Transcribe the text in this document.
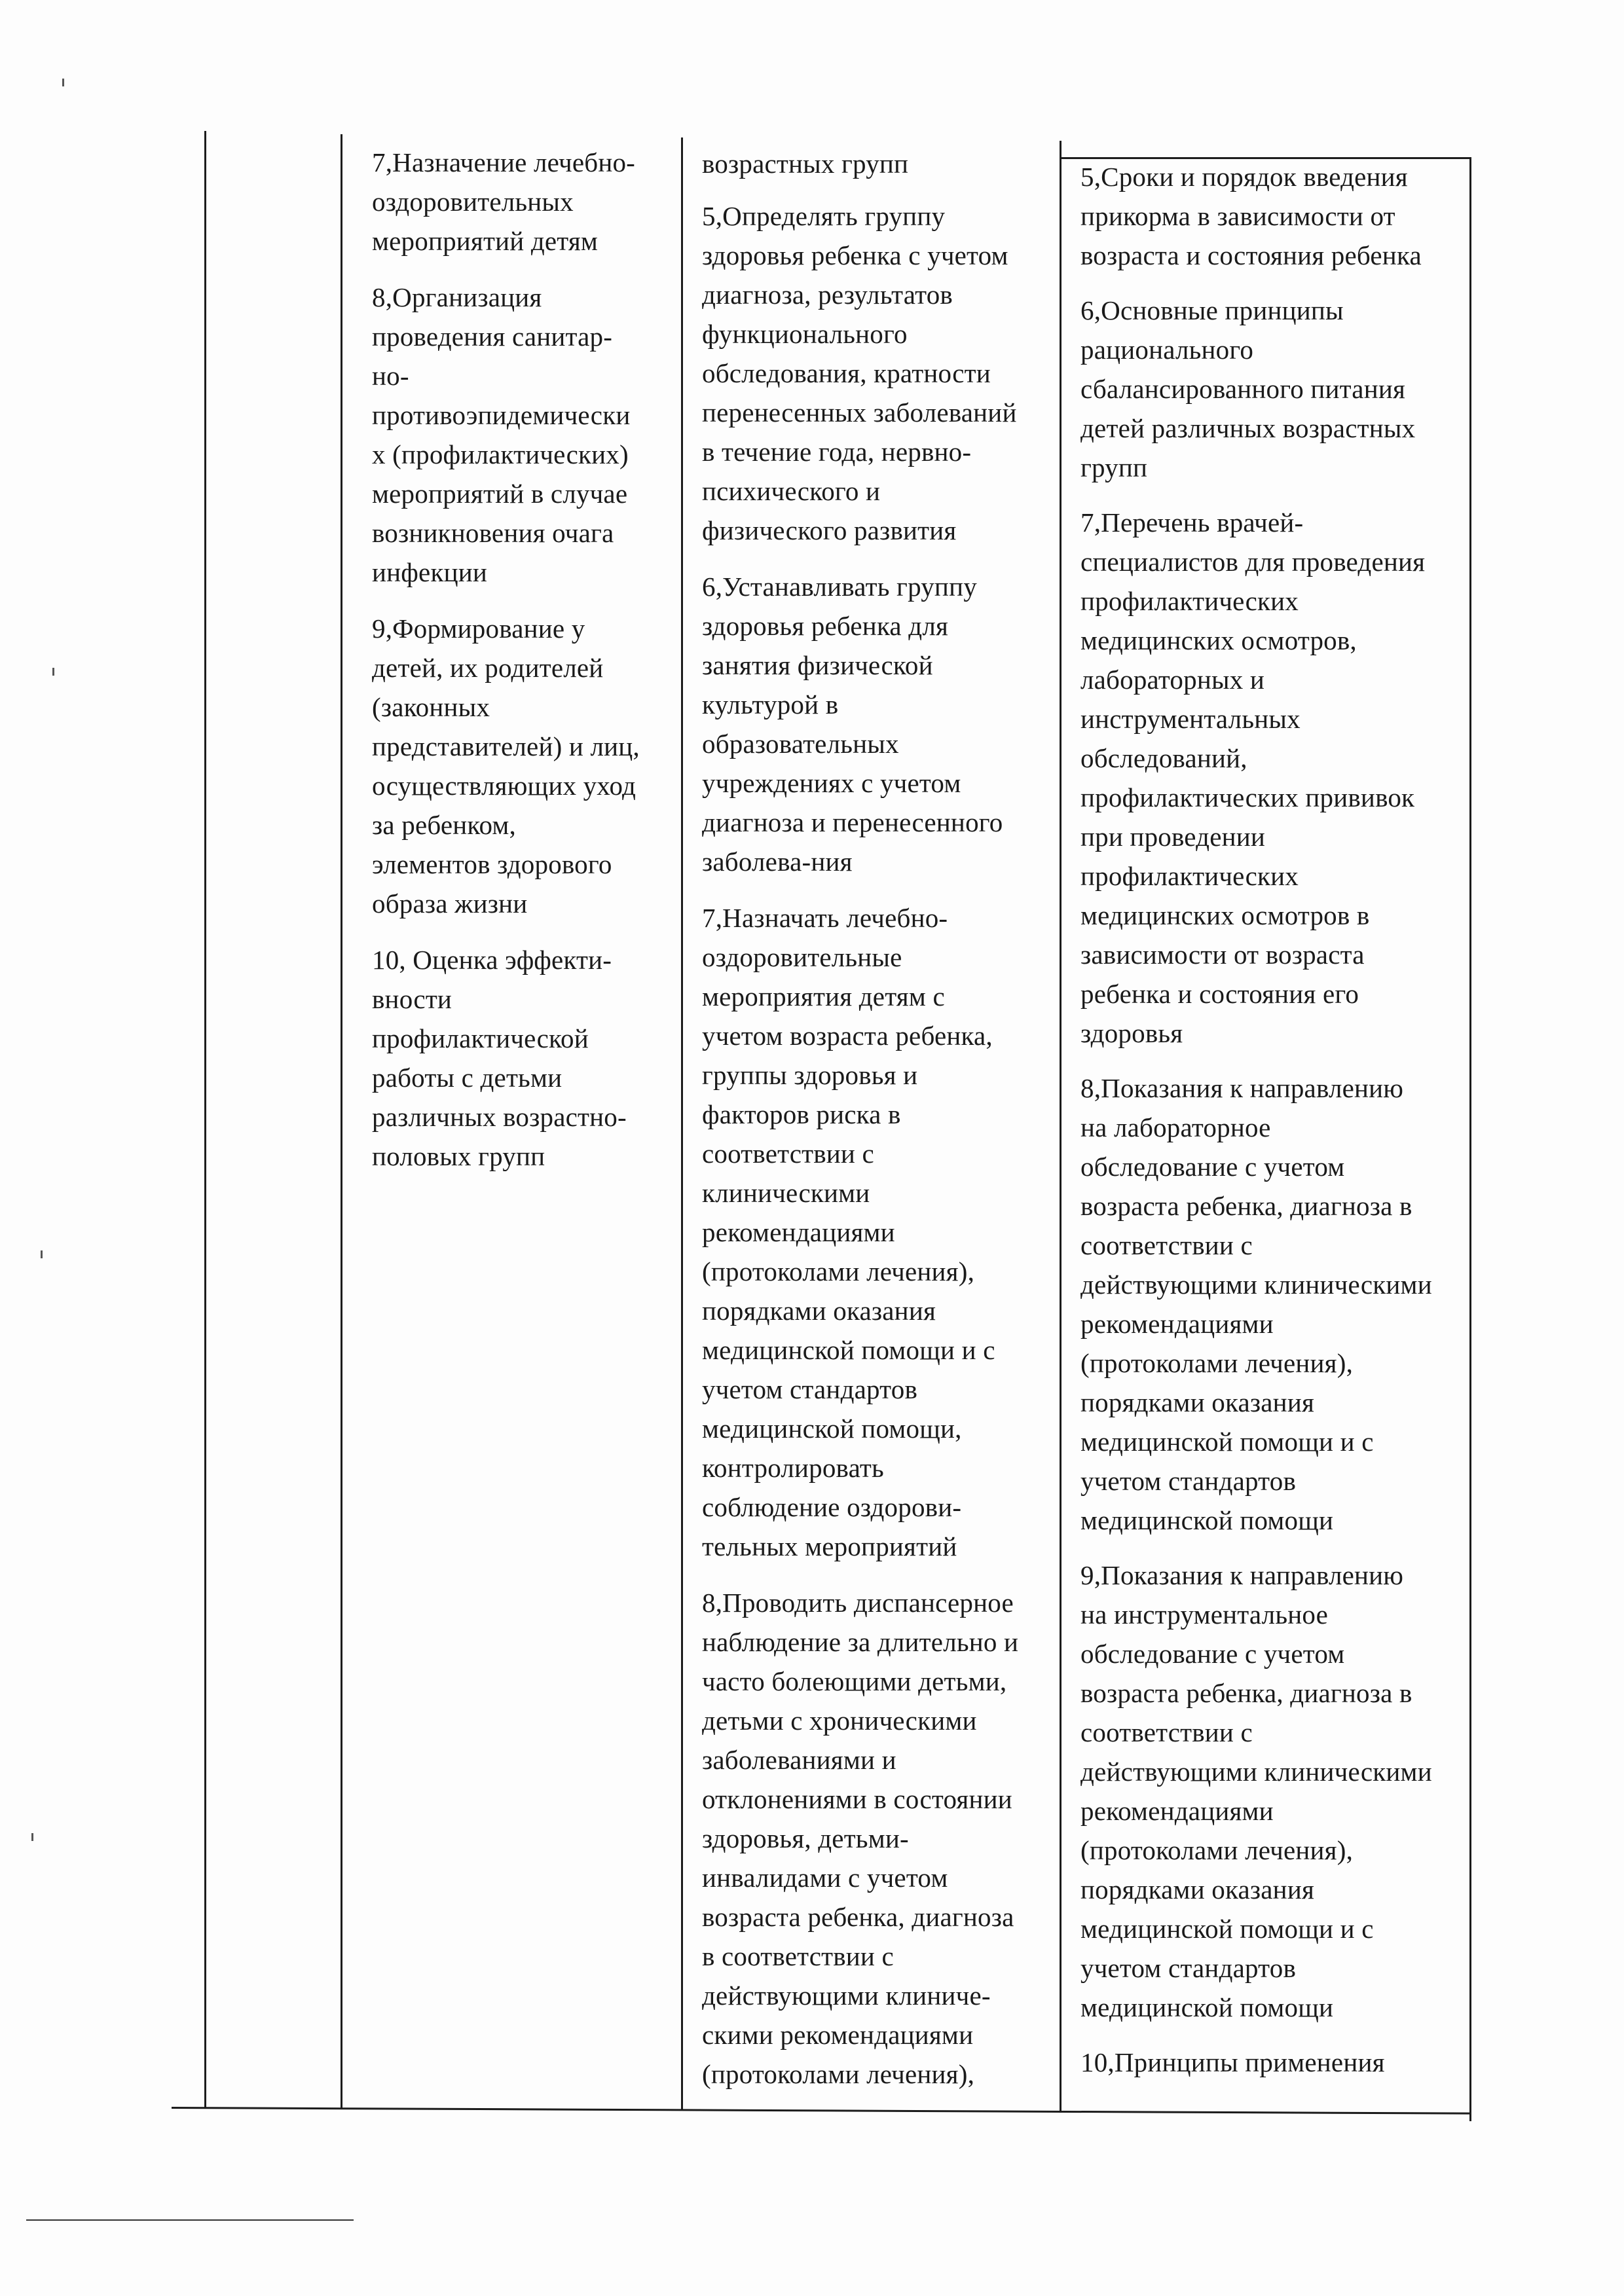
7,Назначение лечебно-
оздоровительных
мероприятий детям

8,Организация
проведения санитар-
но-
противоэпидемически
х (профилактических)
мероприятий в случае
возникновения очага
инфекции

9,Формирование у
детей, их родителей
(законных
представителей) и лиц,
осуществляющих уход
за ребенком,
элементов здорового
образа жизни

10, Оценка эффекти-
вности
профилактической
работы с детьми
различных возрастно-
половых групп

возрастных групп

5,Определять группу
здоровья ребенка с учетом
диагноза, результатов
функционального
обследования, кратности
перенесенных заболеваний
в течение года, нервно-
психического и
физического развития

6,Устанавливать группу
здоровья ребенка для
занятия физической
культурой в
образовательных
учреждениях с учетом
диагноза и перенесенного
заболева-ния

7,Назначать лечебно-
оздоровительные
мероприятия детям с
учетом возраста ребенка,
группы здоровья и
факторов риска в
соответствии с
клиническими
рекомендациями
(протоколами лечения),
порядками оказания
медицинской помощи и с
учетом стандартов
медицинской помощи,
контролировать
соблюдение оздорови-
тельных мероприятий

8,Проводить диспансерное
наблюдение за длительно и
часто болеющими детьми,
детьми с хроническими
заболеваниями и
отклонениями в состоянии
здоровья, детьми-
инвалидами с учетом
возраста ребенка, диагноза
в соответствии с
действующими клиниче-
скими рекомендациями
(протоколами лечения),

5,Сроки и порядок введения
прикорма в зависимости от
возраста и состояния ребенка

6,Основные принципы
рационального
сбалансированного питания
детей различных возрастных
групп

7,Перечень врачей-
специалистов для проведения
профилактических
медицинских осмотров,
лабораторных и
инструментальных
обследований,
профилактических прививок
при проведении
профилактических
медицинских осмотров в
зависимости от возраста
ребенка и состояния его
здоровья

8,Показания к направлению
на лабораторное
обследование с учетом
возраста ребенка, диагноза в
соответствии с
действующими клиническими
рекомендациями
(протоколами лечения),
порядками оказания
медицинской помощи и с
учетом стандартов
медицинской помощи

9,Показания к направлению
на инструментальное
обследование с учетом
возраста ребенка, диагноза в
соответствии с
действующими клиническими
рекомендациями
(протоколами лечения),
порядками оказания
медицинской помощи и с
учетом стандартов
медицинской помощи

10,Принципы применения
